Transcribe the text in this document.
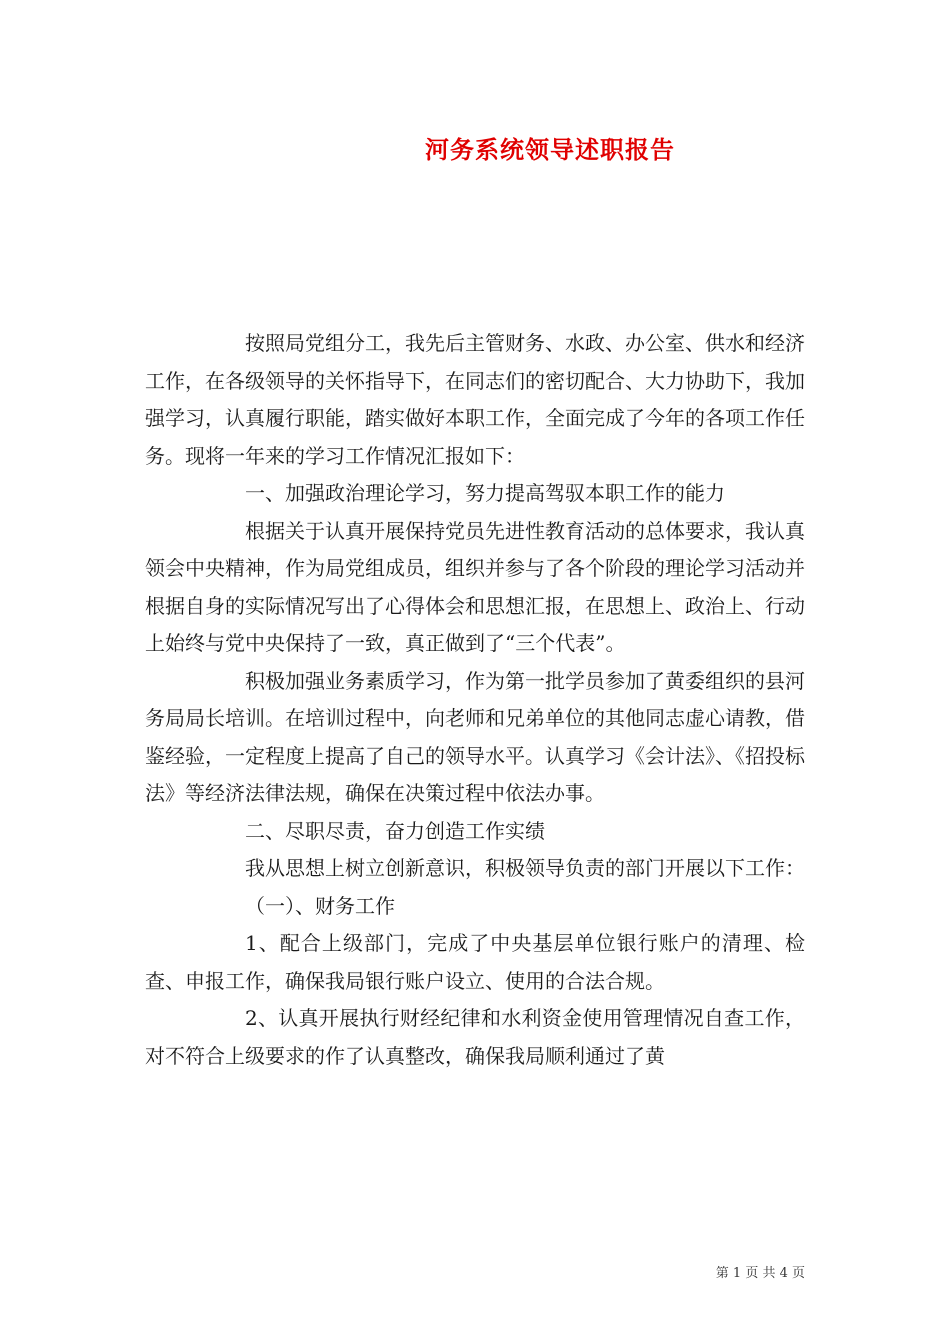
河务系统领导述职报告

按照局党组分工，我先后主管财务、水政、办公室、供水和经济工作，在各级领导的关怀指导下，在同志们的密切配合、大力协助下，我加强学习，认真履行职能，踏实做好本职工作，全面完成了今年的各项工作任务。现将一年来的学习工作情况汇报如下：

一、加强政治理论学习，努力提高驾驭本职工作的能力

根据关于认真开展保持党员先进性教育活动的总体要求，我认真领会中央精神，作为局党组成员，组织并参与了各个阶段的理论学习活动并根据自身的实际情况写出了心得体会和思想汇报，在思想上、政治上、行动上始终与党中央保持了一致，真正做到了“三个代表”。

积极加强业务素质学习，作为第一批学员参加了黄委组织的县河务局局长培训。在培训过程中，向老师和兄弟单位的其他同志虚心请教，借鉴经验，一定程度上提高了自己的领导水平。认真学习《会计法》、《招投标法》等经济法律法规，确保在决策过程中依法办事。

二、尽职尽责，奋力创造工作实绩

我从思想上树立创新意识，积极领导负责的部门开展以下工作：

（一）、财务工作

1、配合上级部门，完成了中央基层单位银行账户的清理、检查、申报工作，确保我局银行账户设立、使用的合法合规。

2、认真开展执行财经纪律和水利资金使用管理情况自查工作，对不符合上级要求的作了认真整改，确保我局顺利通过了黄

第 1 页 共 4 页
